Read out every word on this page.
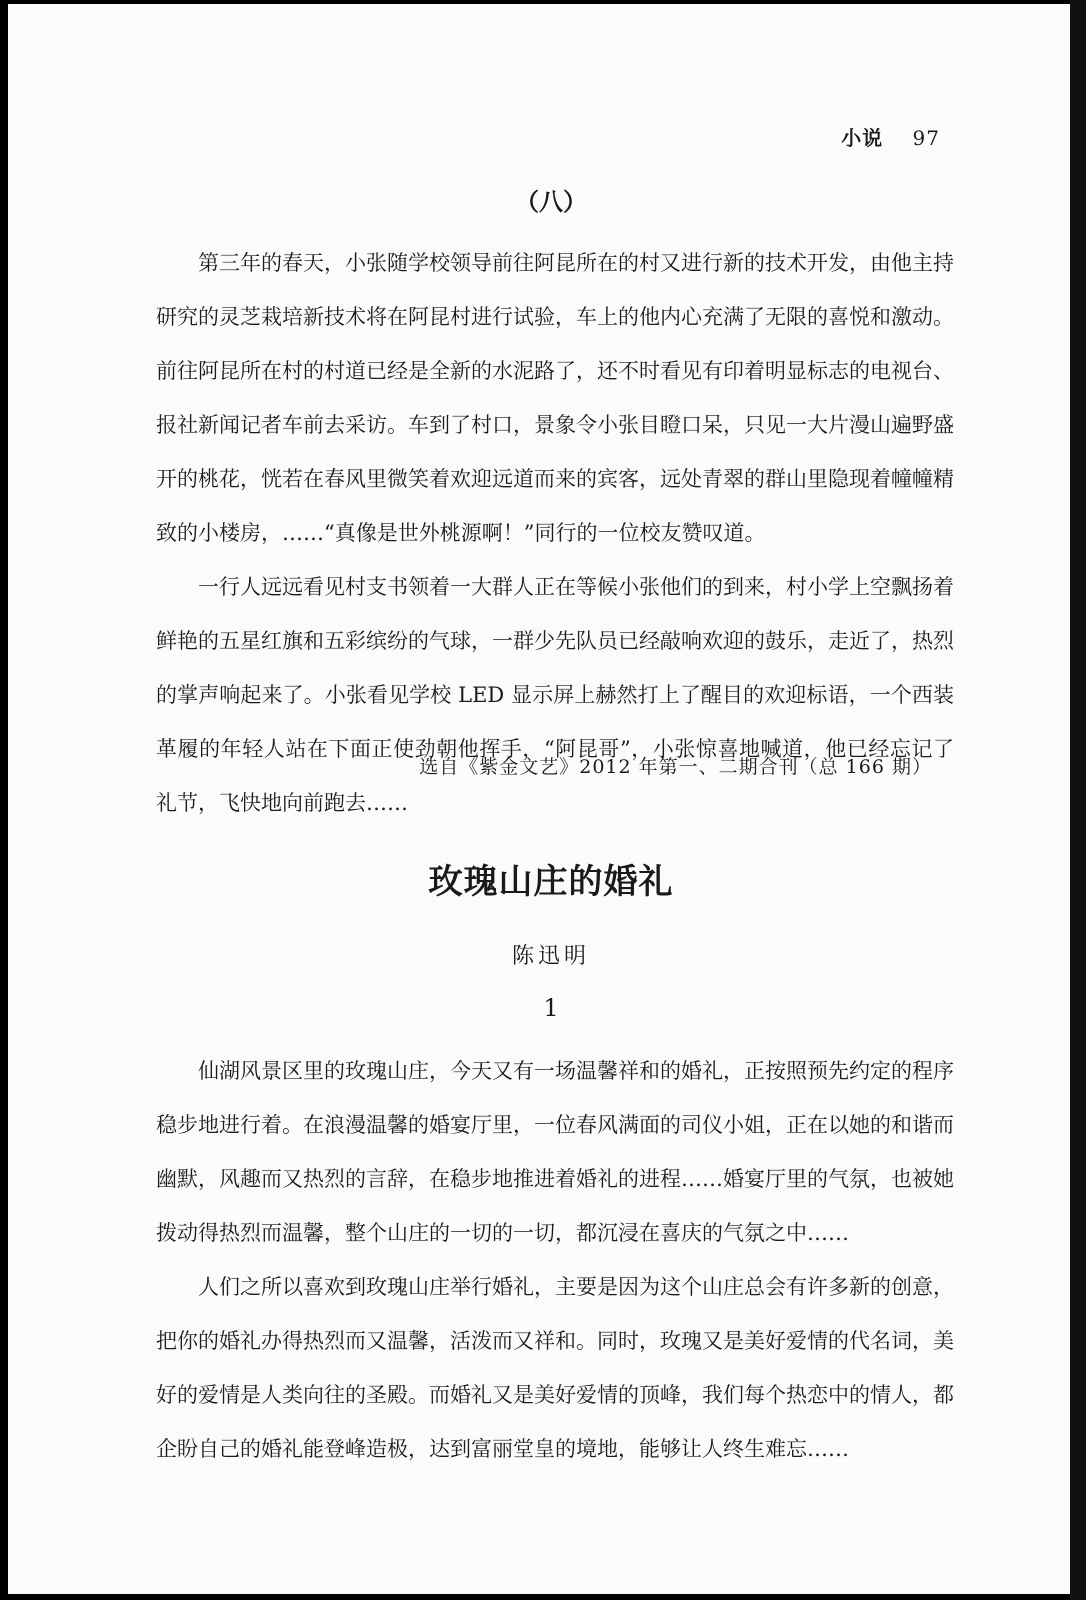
小说 97
（八）

第三年的春天，小张随学校领导前往阿昆所在的村又进行新的技术开发，由他主持研究的灵芝栽培新技术将在阿昆村进行试验，车上的他内心充满了无限的喜悦和激动。前往阿昆所在村的村道已经是全新的水泥路了，还不时看见有印着明显标志的电视台、报社新闻记者车前去采访。车到了村口，景象令小张目瞪口呆，只见一大片漫山遍野盛开的桃花，恍若在春风里微笑着欢迎远道而来的宾客，远处青翠的群山里隐现着幢幢精致的小楼房，……“真像是世外桃源啊！”同行的一位校友赞叹道。

一行人远远看见村支书领着一大群人正在等候小张他们的到来，村小学上空飘扬着鲜艳的五星红旗和五彩缤纷的气球，一群少先队员已经敲响欢迎的鼓乐，走近了，热烈的掌声响起来了。小张看见学校 LED 显示屏上赫然打上了醒目的欢迎标语，一个西装革履的年轻人站在下面正使劲朝他挥手，“阿昆哥”，小张惊喜地喊道，他已经忘记了礼节，飞快地向前跑去……

选自《紫金文艺》2012 年第一、二期合刊（总 166 期）
玫瑰山庄的婚礼
陈迅明
1

仙湖风景区里的玫瑰山庄，今天又有一场温馨祥和的婚礼，正按照预先约定的程序稳步地进行着。在浪漫温馨的婚宴厅里，一位春风满面的司仪小姐，正在以她的和谐而幽默，风趣而又热烈的言辞，在稳步地推进着婚礼的进程……婚宴厅里的气氛，也被她拨动得热烈而温馨，整个山庄的一切的一切，都沉浸在喜庆的气氛之中……

人们之所以喜欢到玫瑰山庄举行婚礼，主要是因为这个山庄总会有许多新的创意，把你的婚礼办得热烈而又温馨，活泼而又祥和。同时，玫瑰又是美好爱情的代名词，美好的爱情是人类向往的圣殿。而婚礼又是美好爱情的顶峰，我们每个热恋中的情人，都企盼自己的婚礼能登峰造极，达到富丽堂皇的境地，能够让人终生难忘……
